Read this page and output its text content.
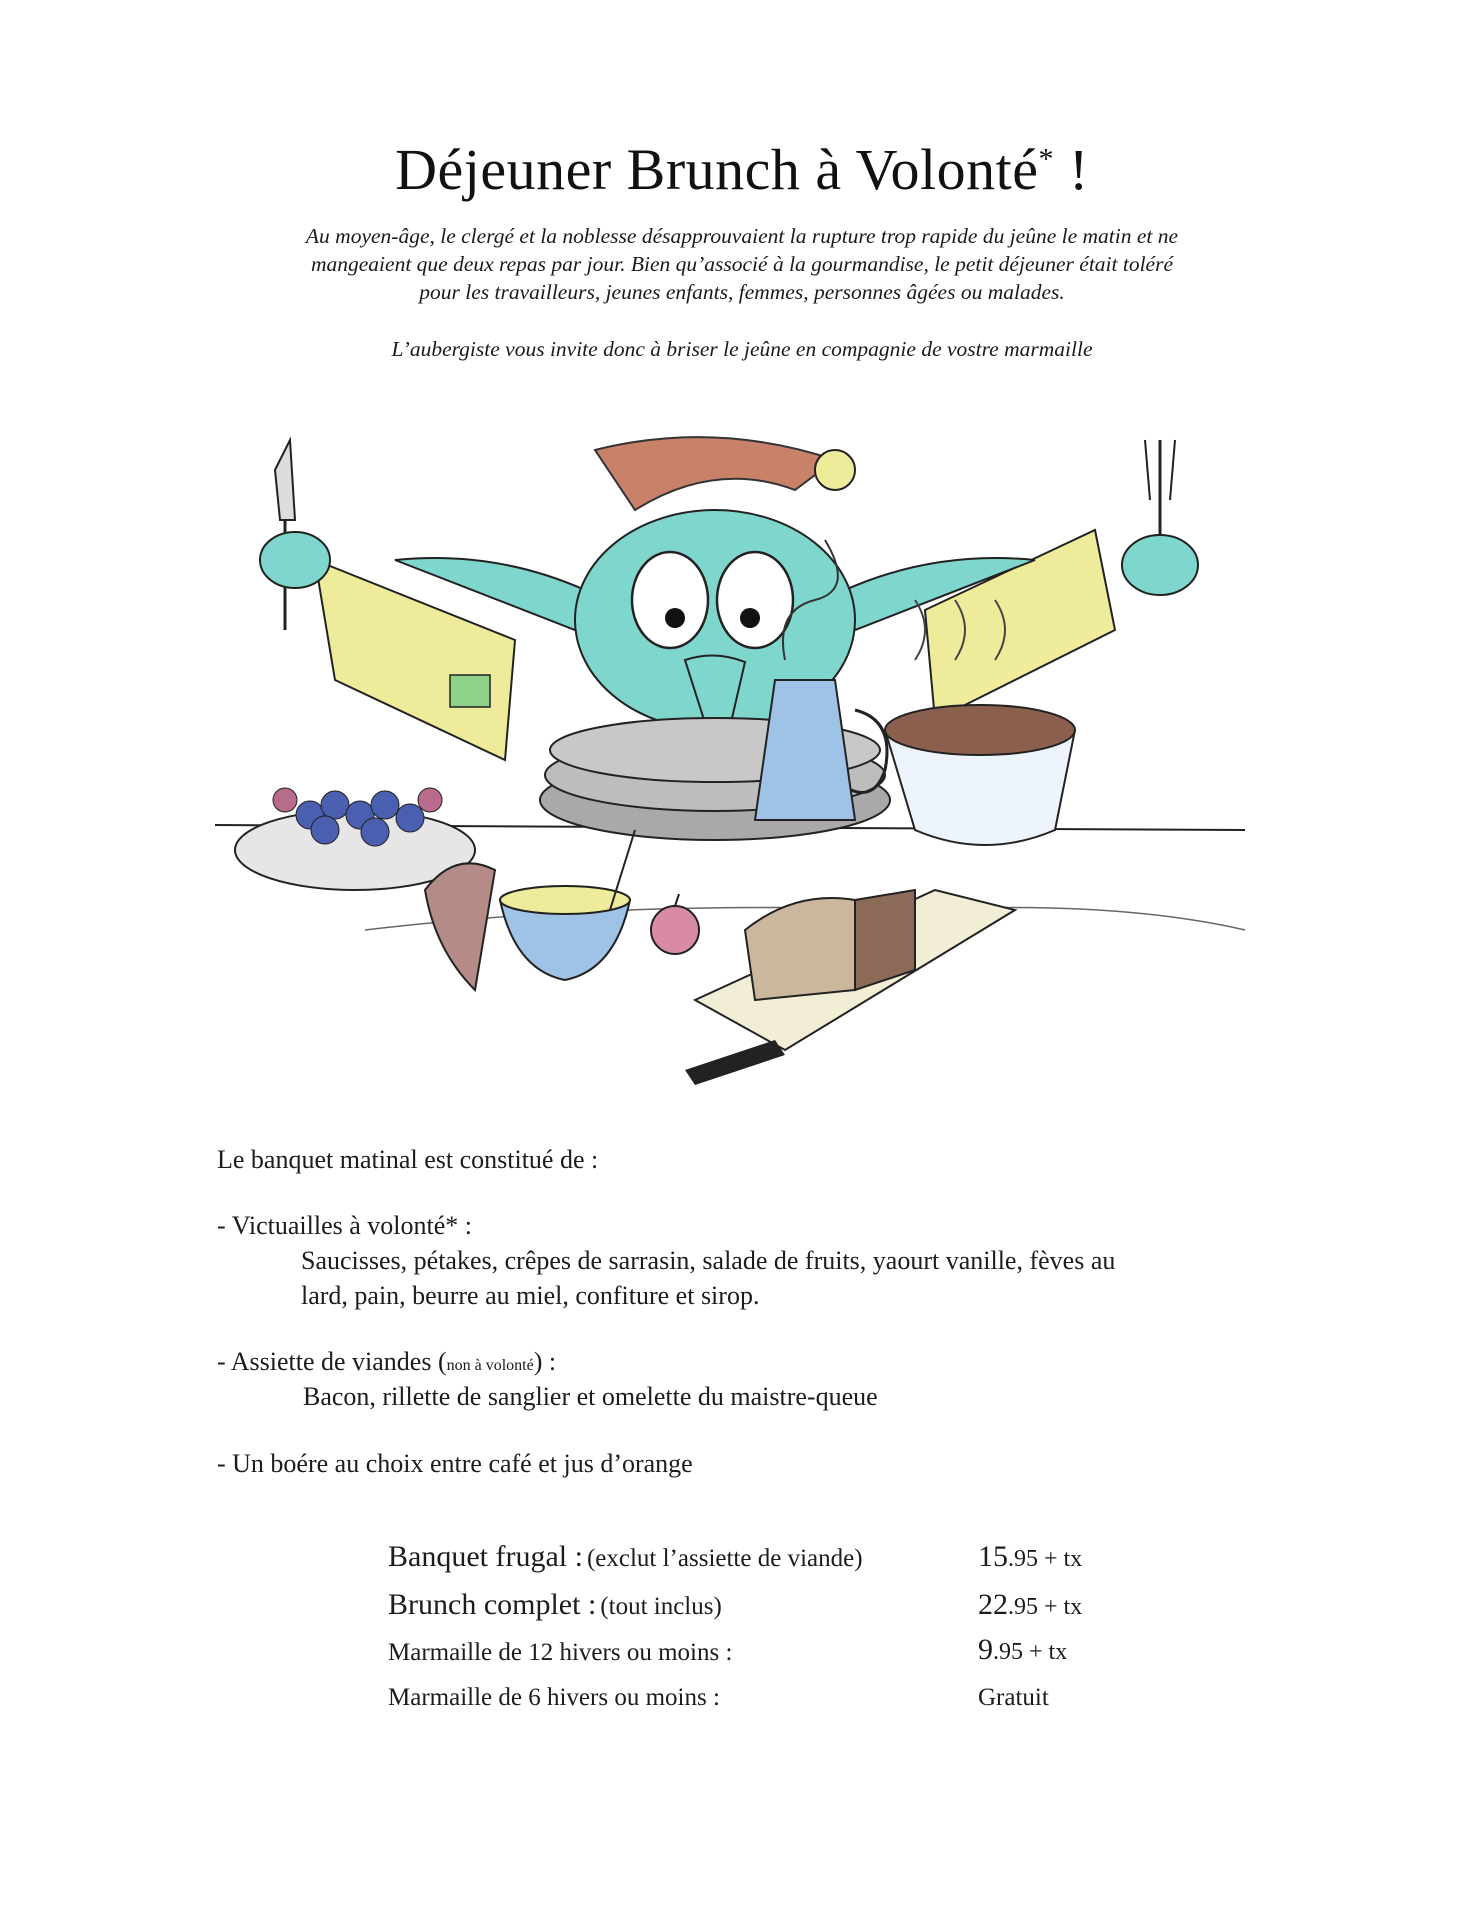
Déjeuner Brunch à Volonté* !
Au moyen-âge, le clergé et la noblesse désapprouvaient la rupture trop rapide du jeûne le matin et ne
mangeaient que deux repas par jour. Bien qu’associé à la gourmandise, le petit déjeuner était toléré
pour les travailleurs, jeunes enfants, femmes, personnes âgées ou malades.
L’aubergiste vous invite donc à briser le jeûne en compagnie de vostre marmaille
Le banquet matinal est constitué de :
- Victuailles à volonté* :
Saucisses, pétakes, crêpes de sarrasin, salade de fruits, yaourt vanille, fèves au
lard, pain, beurre au miel, confiture et sirop.
- Assiette de viandes (non à volonté) :
Bacon, rillette de sanglier et omelette du maistre-queue
- Un boére au choix entre café et jus d’orange
Banquet frugal : (exclut l’assiette de viande)	15.95 + tx
Brunch complet : (tout inclus)	22.95 + tx
Marmaille de 12 hivers ou moins :	9.95 + tx
Marmaille de 6 hivers ou moins :	Gratuit
